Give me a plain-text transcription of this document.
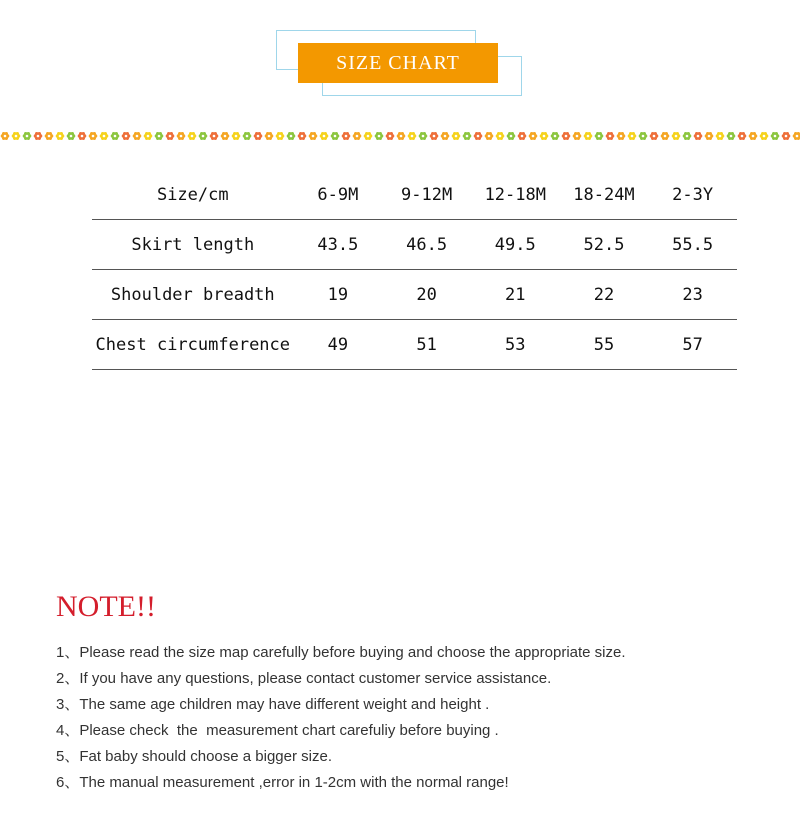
SIZE CHART
Size/cm	6-9M	9-12M	12-18M	18-24M	2-3Y
Skirt length	43.5	46.5	49.5	52.5	55.5
Shoulder breadth	19	20	21	22	23
Chest circumference	49	51	53	55	57
NOTE!!
1、Please read the size map carefully before buying and choose the appropriate size.
2、If you have any questions, please contact customer service assistance.
3、The same age children may have different weight and height .
4、Please check  the  measurement chart carefuliy before buying .
5、Fat baby should choose a bigger size.
6、The manual measurement ,error in 1-2cm with the normal range!
